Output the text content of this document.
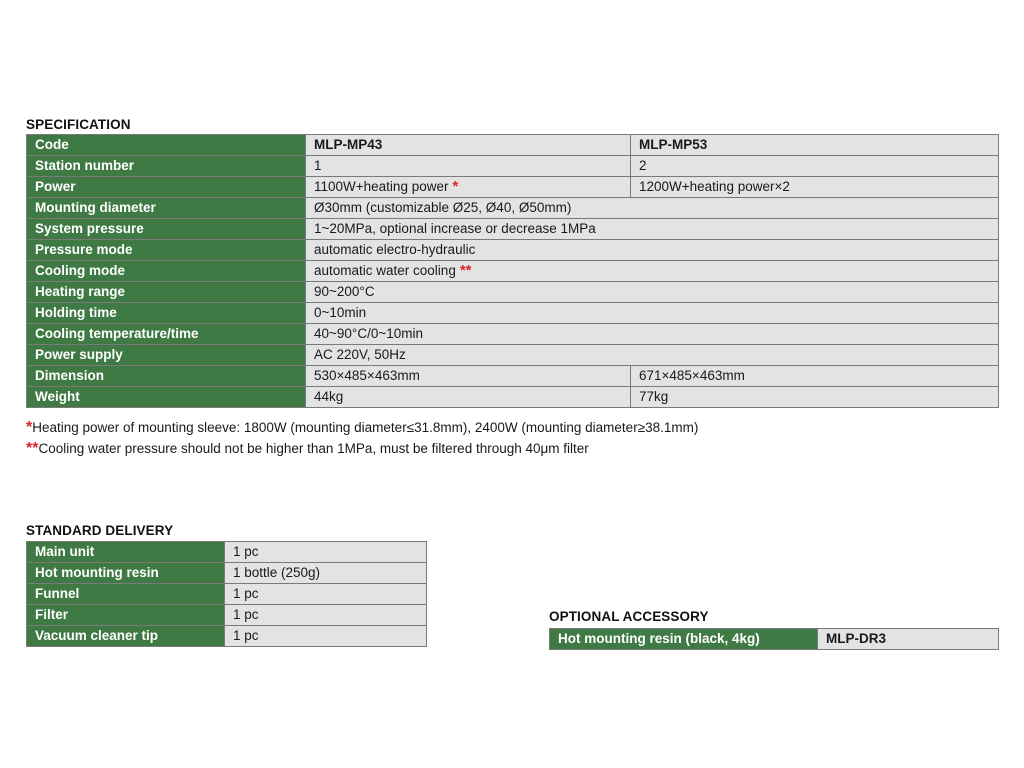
SPECIFICATION
Code	MLP-MP43	MLP-MP53
Station number	1	2
Power	1100W+heating power *	1200W+heating power×2
Mounting diameter	Ø30mm (customizable Ø25, Ø40, Ø50mm)	
System pressure	1~20MPa, optional increase or decrease 1MPa	
Pressure mode	automatic electro-hydraulic	
Cooling mode	automatic water cooling **	
Heating range	90~200°C	
Holding time	0~10min	
Cooling temperature/time	40~90°C/0~10min	
Power supply	AC 220V, 50Hz	
Dimension	530×485×463mm	671×485×463mm
Weight	44kg	77kg
*Heating power of mounting sleeve: 1800W (mounting diameter≤31.8mm), 2400W (mounting diameter≥38.1mm)
**Cooling water pressure should not be higher than 1MPa, must be filtered through 40μm filter
STANDARD DELIVERY
Main unit	1 pc
Hot mounting resin	1 bottle (250g)
Funnel	1 pc
Filter	1 pc
Vacuum cleaner tip	1 pc
OPTIONAL ACCESSORY
Hot mounting resin (black, 4kg)	MLP-DR3
